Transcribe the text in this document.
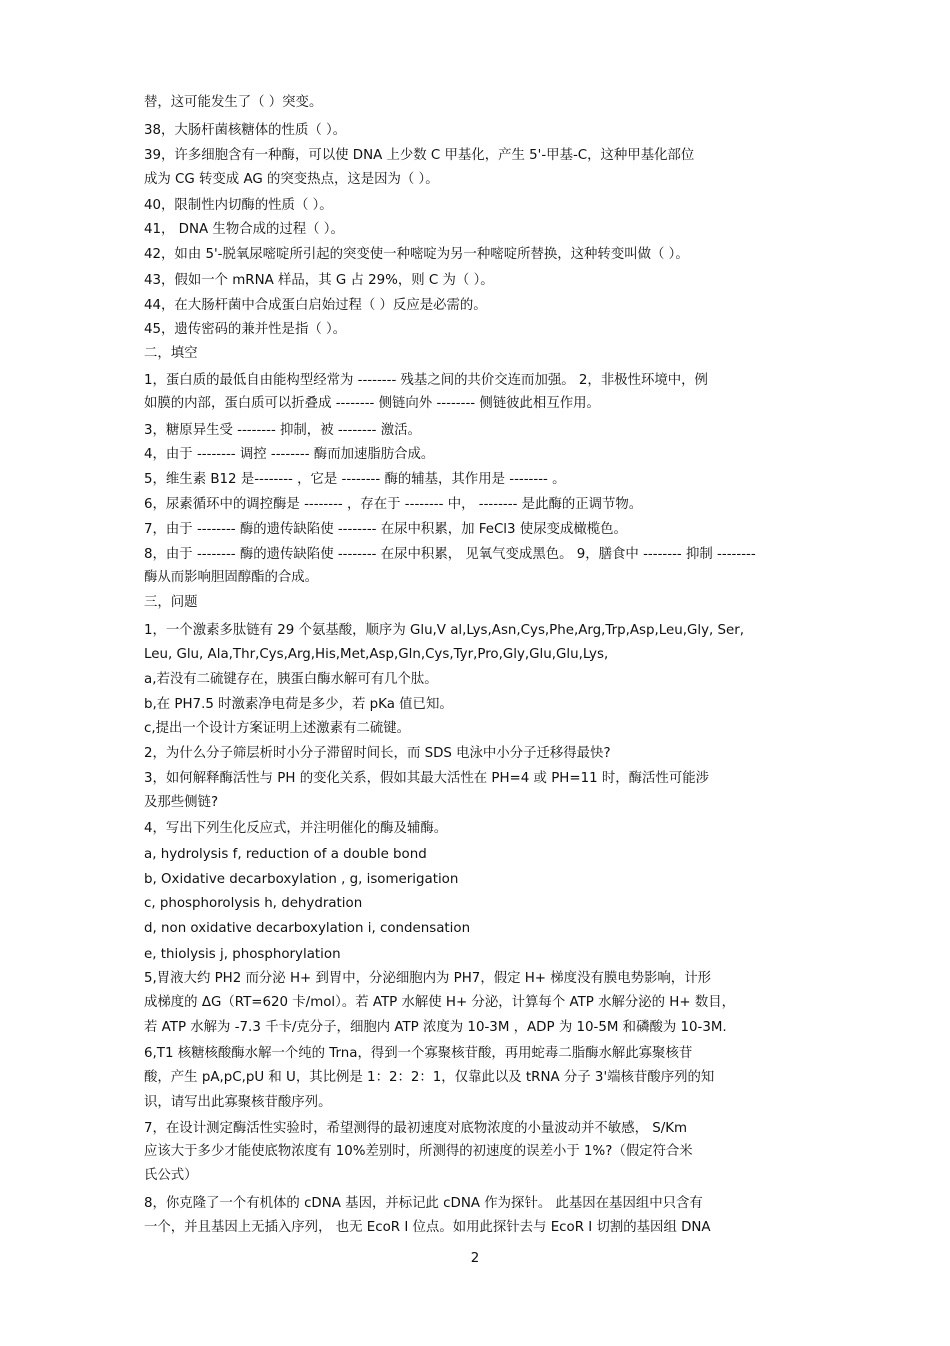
替，这可能发生了（ ）突变。
38，大肠杆菌核糖体的性质（ ）。
39，许多细胞含有一种酶，可以使 DNA 上少数 C 甲基化，产生 5'-甲基-C，这种甲基化部位
成为 CG 转变成 AG 的突变热点，这是因为（ ）。
40，限制性内切酶的性质（ ）。
41， DNA 生物合成的过程（ ）。
42，如由 5'-脱氧尿嘧啶所引起的突变使一种嘧啶为另一种嘧啶所替换，这种转变叫做（ ）。
43，假如一个 mRNA 样品，其 G 占 29%，则 C 为（ ）。
44，在大肠杆菌中合成蛋白启始过程（ ）反应是必需的。
45，遗传密码的兼并性是指（ ）。
二，填空
1，蛋白质的最低自由能构型经常为 -------- 残基之间的共价交连而加强。 2，非极性环境中，例
如膜的内部，蛋白质可以折叠成 -------- 侧链向外 -------- 侧链彼此相互作用。
3，糖原异生受 -------- 抑制，被 -------- 激活。
4，由于 -------- 调控 -------- 酶而加速脂肪合成。
5，维生素 B12 是-------- ，它是 -------- 酶的辅基，其作用是 -------- 。
6，尿素循环中的调控酶是 -------- ，存在于 -------- 中， -------- 是此酶的正调节物。
7，由于 -------- 酶的遗传缺陷使 -------- 在尿中积累，加 FeCl3 使尿变成橄榄色。
8，由于 -------- 酶的遗传缺陷使 -------- 在尿中积累， 见氧气变成黑色。 9，膳食中 -------- 抑制 --------
酶从而影响胆固醇酯的合成。
三，问题
1，一个激素多肽链有 29 个氨基酸，顺序为 Glu,V al,Lys,Asn,Cys,Phe,Arg,Trp,Asp,Leu,Gly, Ser,
Leu, Glu, Ala,Thr,Cys,Arg,His,Met,Asp,Gln,Cys,Tyr,Pro,Gly,Glu,Glu,Lys,
a,若没有二硫键存在，胰蛋白酶水解可有几个肽。
b,在 PH7.5 时激素净电荷是多少，若 pKa 值已知。
c,提出一个设计方案证明上述激素有二硫键。
2，为什么分子筛层析时小分子滞留时间长，而 SDS 电泳中小分子迁移得最快?
3，如何解释酶活性与 PH 的变化关系，假如其最大活性在 PH=4 或 PH=11 时，酶活性可能涉
及那些侧链?
4，写出下列生化反应式，并注明催化的酶及辅酶。
a, hydrolysis f, reduction of a double bond
b, Oxidative decarboxylation , g, isomerigation
c, phosphorolysis h, dehydration
d, non oxidative decarboxylation i, condensation
e, thiolysis j, phosphorylation
5,胃液大约 PH2 而分泌 H+ 到胃中，分泌细胞内为 PH7，假定 H+ 梯度没有膜电势影响，计形
成梯度的 ΔG（RT=620 卡/mol）。若 ATP 水解使 H+ 分泌，计算每个 ATP 水解分泌的 H+ 数目，
若 ATP 水解为 -7.3 千卡/克分子，细胞内 ATP 浓度为 10-3M ，ADP 为 10-5M 和磷酸为 10-3M.
6,T1 核糖核酸酶水解一个纯的 Trna，得到一个寡聚核苷酸，再用蛇毒二脂酶水解此寡聚核苷
酸，产生 pA,pC,pU 和 U，其比例是 1：2：2：1，仅靠此以及 tRNA 分子 3'端核苷酸序列的知
识，请写出此寡聚核苷酸序列。
7，在设计测定酶活性实验时，希望测得的最初速度对底物浓度的小量波动并不敏感， S/Km
应该大于多少才能使底物浓度有 10%差别时，所测得的初速度的误差小于 1%?（假定符合米
氏公式）
8，你克隆了一个有机体的 cDNA 基因，并标记此 cDNA 作为探针。 此基因在基因组中只含有
一个，并且基因上无插入序列， 也无 EcoR I 位点。如用此探针去与 EcoR I 切割的基因组 DNA
2
